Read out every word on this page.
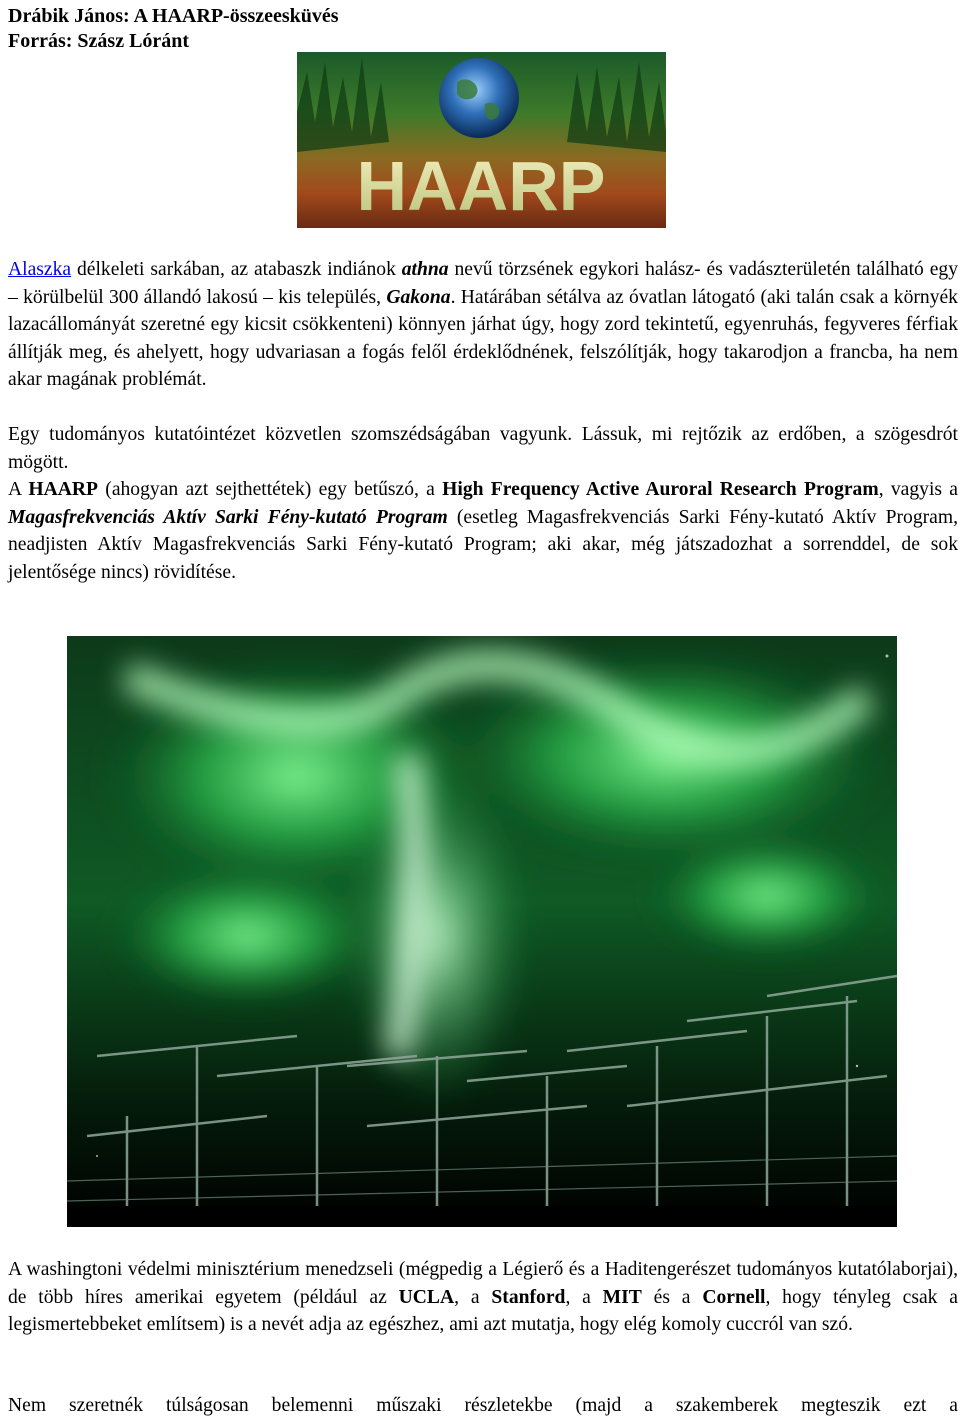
Drábik János: A HAARP-összeesküvés
Forrás: Szász Lóránt
HAARP

Alaszka délkeleti sarkában, az atabaszk indiánok athna nevű törzsének egykori halász- és vadászterületén található egy – körülbelül 300 állandó lakosú – kis település, Gakona. Határában sétálva az óvatlan látogató (aki talán csak a környék lazacállományát szeretné egy kicsit csökkenteni) könnyen járhat úgy, hogy zord tekintetű, egyenruhás, fegyveres férfiak állítják meg, és ahelyett, hogy udvariasan a fogás felől érdeklődnének, felszólítják, hogy takarodjon a francba, ha nem akar magának problémát.

Egy tudományos kutatóintézet közvetlen szomszédságában vagyunk. Lássuk, mi rejtőzik az erdőben, a szögesdrót mögött.

A HAARP (ahogyan azt sejthettétek) egy betűszó, a High Frequency Active Auroral Research Program, vagyis a Magasfrekvenciás Aktív Sarki Fény-kutató Program (esetleg Magasfrekvenciás Sarki Fény-kutató Aktív Program, neadjisten Aktív Magasfrekvenciás Sarki Fény-kutató Program; aki akar, még játszadozhat a sorrenddel, de sok jelentősége nincs) rövidítése.

A washingtoni védelmi minisztérium menedzseli (mégpedig a Légierő és a Haditengerészet tudományos kutatólaborjai), de több híres amerikai egyetem (például az UCLA, a Stanford, a MIT és a Cornell, hogy tényleg csak a legismertebbeket említsem) is a nevét adja az egészhez, ami azt mutatja, hogy elég komoly cuccról van szó.

Nem szeretnék túlságosan belemenni műszaki részletekbe (majd a szakemberek megteszik ezt a
